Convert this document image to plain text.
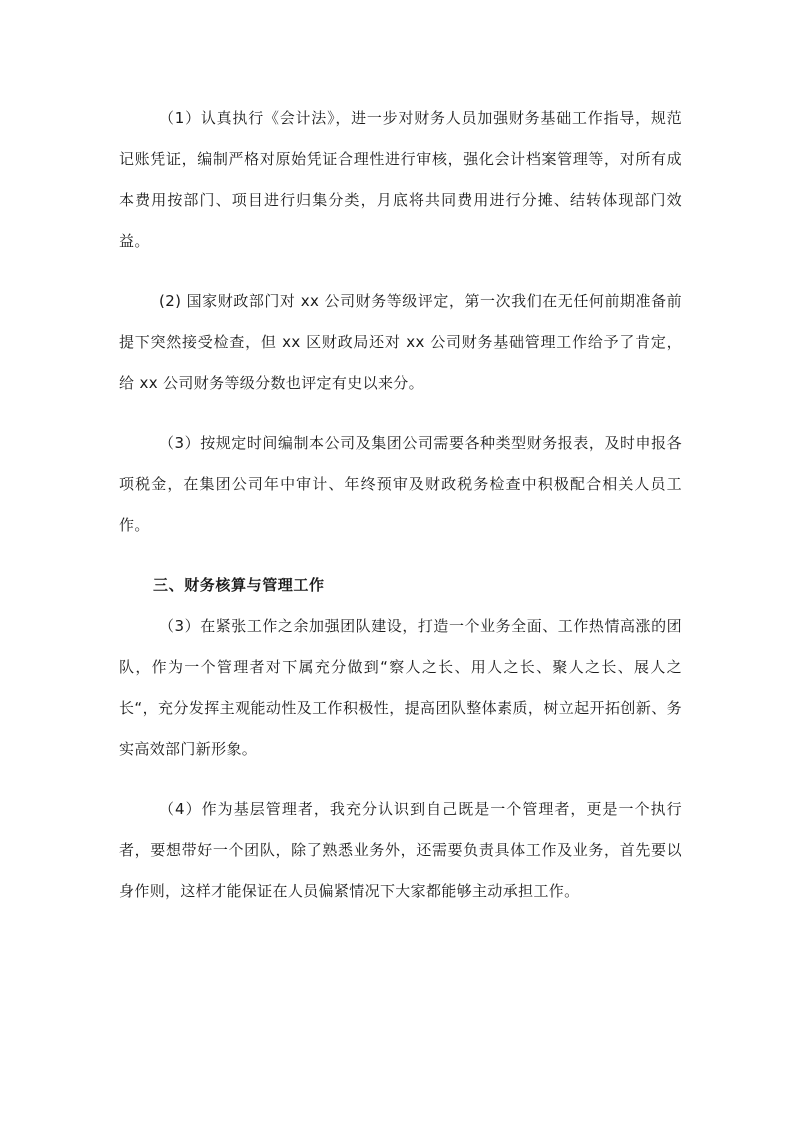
（1）认真执行《会计法》，进一步对财务人员加强财务基础工作指导，规范记账凭证，编制严格对原始凭证合理性进行审核，强化会计档案管理等，对所有成本费用按部门、项目进行归集分类，月底将共同费用进行分摊、结转体现部门效益。

(2) 国家财政部门对 xx 公司财务等级评定，第一次我们在无任何前期准备前提下突然接受检查，但 xx 区财政局还对 xx 公司财务基础管理工作给予了肯定，给 xx 公司财务等级分数也评定有史以来分。

（3）按规定时间编制本公司及集团公司需要各种类型财务报表，及时申报各项税金，在集团公司年中审计、年终预审及财政税务检查中积极配合相关人员工作。

三、财务核算与管理工作

（3）在紧张工作之余加强团队建设，打造一个业务全面、工作热情高涨的团队，作为一个管理者对下属充分做到“察人之长、用人之长、聚人之长、展人之长“，充分发挥主观能动性及工作积极性，提高团队整体素质，树立起开拓创新、务实高效部门新形象。

（4）作为基层管理者，我充分认识到自己既是一个管理者，更是一个执行者，要想带好一个团队，除了熟悉业务外，还需要负责具体工作及业务，首先要以身作则，这样才能保证在人员偏紧情况下大家都能够主动承担工作。
